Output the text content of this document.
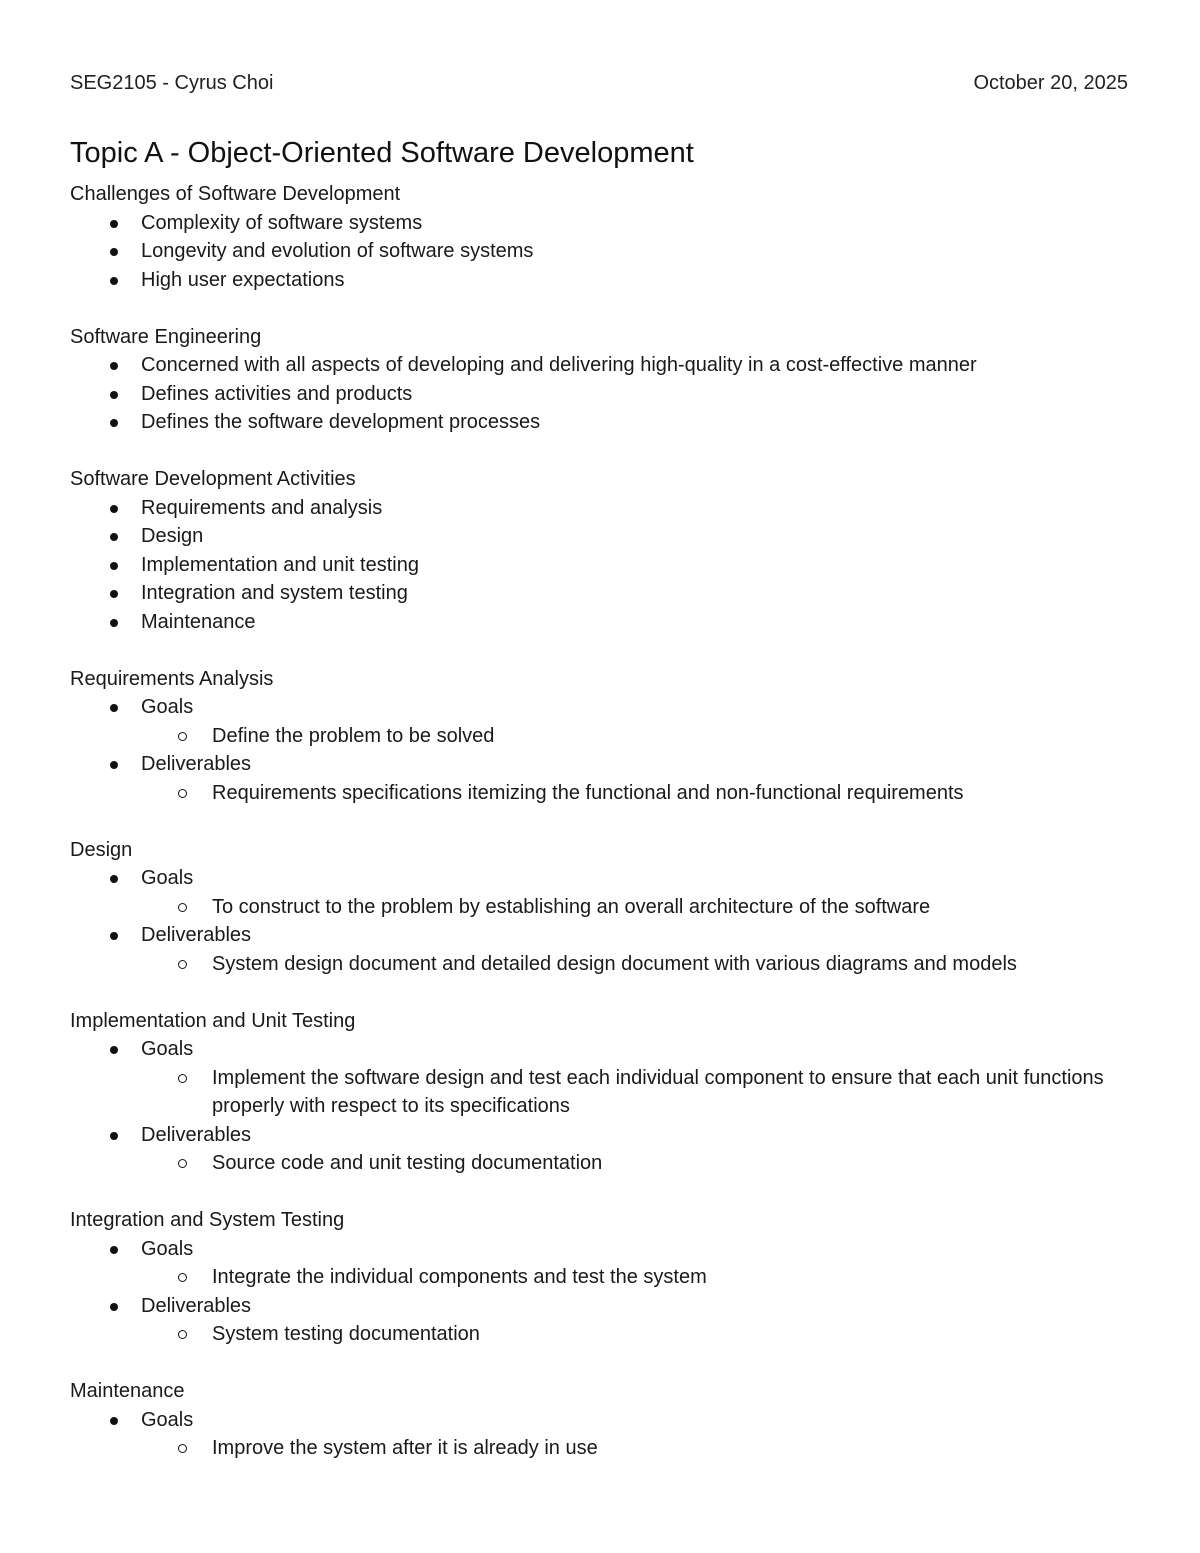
SEG2105 - Cyrus Choi	October 20, 2025
Topic A - Object-Oriented Software Development
Challenges of Software Development
Complexity of software systems
Longevity and evolution of software systems
High user expectations
Software Engineering
Concerned with all aspects of developing and delivering high-quality in a cost-effective manner
Defines activities and products
Defines the software development processes
Software Development Activities
Requirements and analysis
Design
Implementation and unit testing
Integration and system testing
Maintenance
Requirements Analysis
Goals
Define the problem to be solved
Deliverables
Requirements specifications itemizing the functional and non-functional requirements
Design
Goals
To construct to the problem by establishing an overall architecture of the software
Deliverables
System design document and detailed design document with various diagrams and models
Implementation and Unit Testing
Goals
Implement the software design and test each individual component to ensure that each unit functions properly with respect to its specifications
Deliverables
Source code and unit testing documentation
Integration and System Testing
Goals
Integrate the individual components and test the system
Deliverables
System testing documentation
Maintenance
Goals
Improve the system after it is already in use
